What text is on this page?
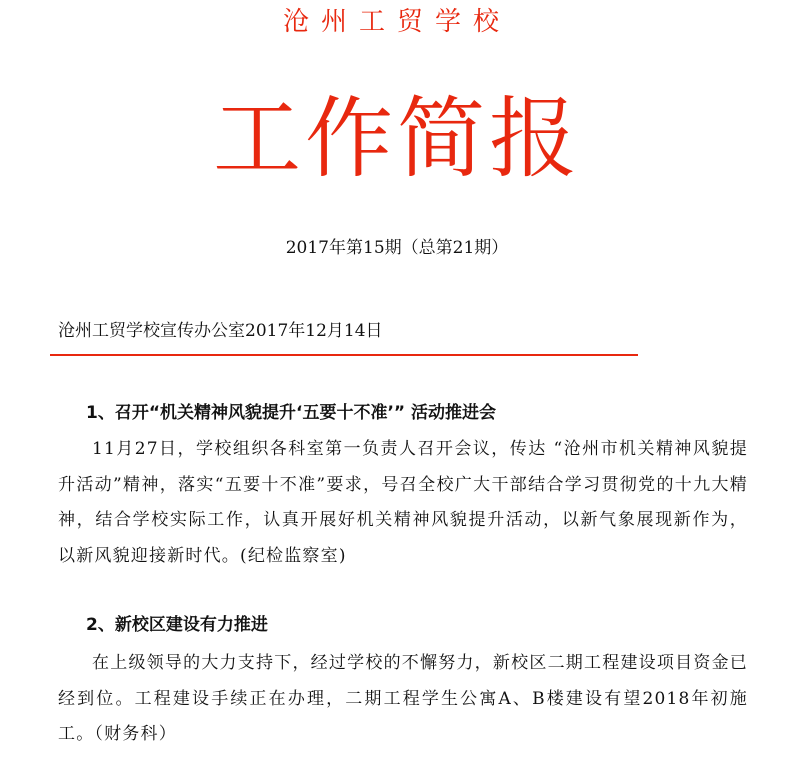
沧州工贸学校
工作简报
2017年第15期（总第21期）
沧州工贸学校宣传办公室2017年12月14日
1、召开“机关精神风貌提升‘五要十不准’” 活动推进会
11月27日，学校组织各科室第一负责人召开会议，传达 “沧州市机关精神风貌提升活动”精神，落实“五要十不准”要求，号召全校广大干部结合学习贯彻党的十九大精神，结合学校实际工作，认真开展好机关精神风貌提升活动，以新气象展现新作为，以新风貌迎接新时代。(纪检监察室)
2、新校区建设有力推进
在上级领导的大力支持下，经过学校的不懈努力，新校区二期工程建设项目资金已经到位。工程建设手续正在办理，二期工程学生公寓A、B楼建设有望2018年初施工。（财务科）
